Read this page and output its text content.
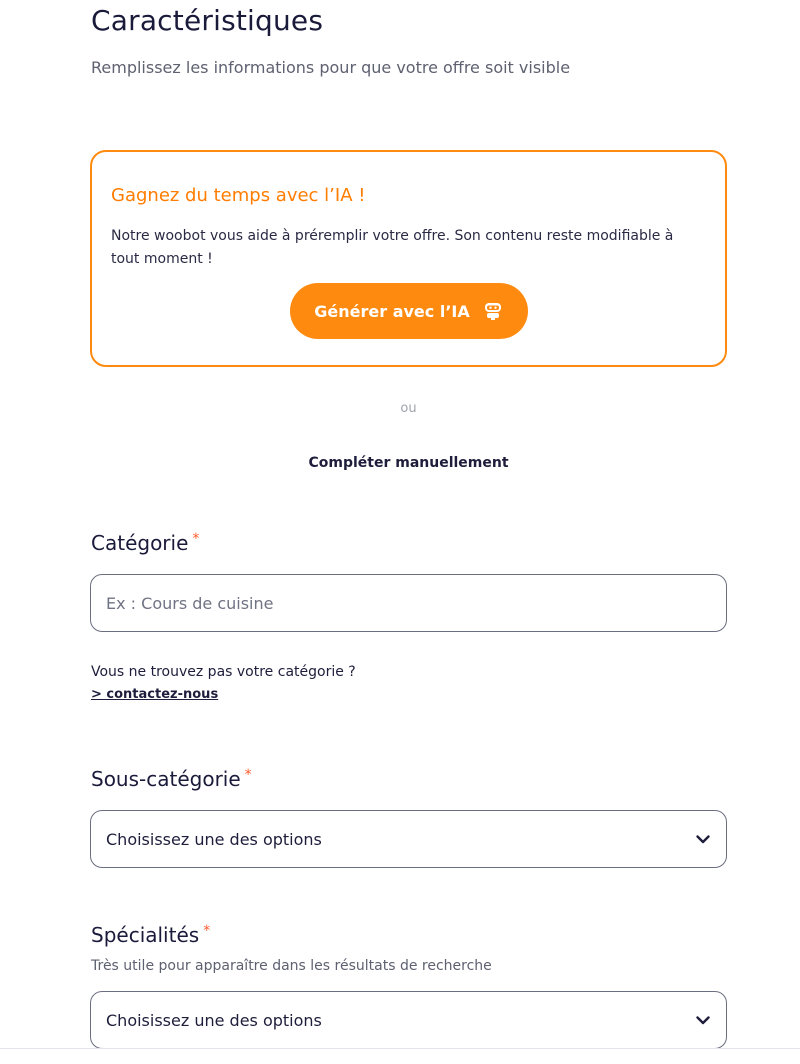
Caractéristiques

Remplissez les informations pour que votre offre soit visible

Gagnez du temps avec l’IA !
Notre woobot vous aide à préremplir votre offre. Son contenu reste modifiable à tout moment !
Générer avec l’IA
ou
Compléter manuellement
Catégorie *
Ex : Cours de cuisine
Vous ne trouvez pas votre catégorie ?
> contactez-nous
Sous-catégorie *
Choisissez une des options
Spécialités *
Très utile pour apparaître dans les résultats de recherche
Choisissez une des options
